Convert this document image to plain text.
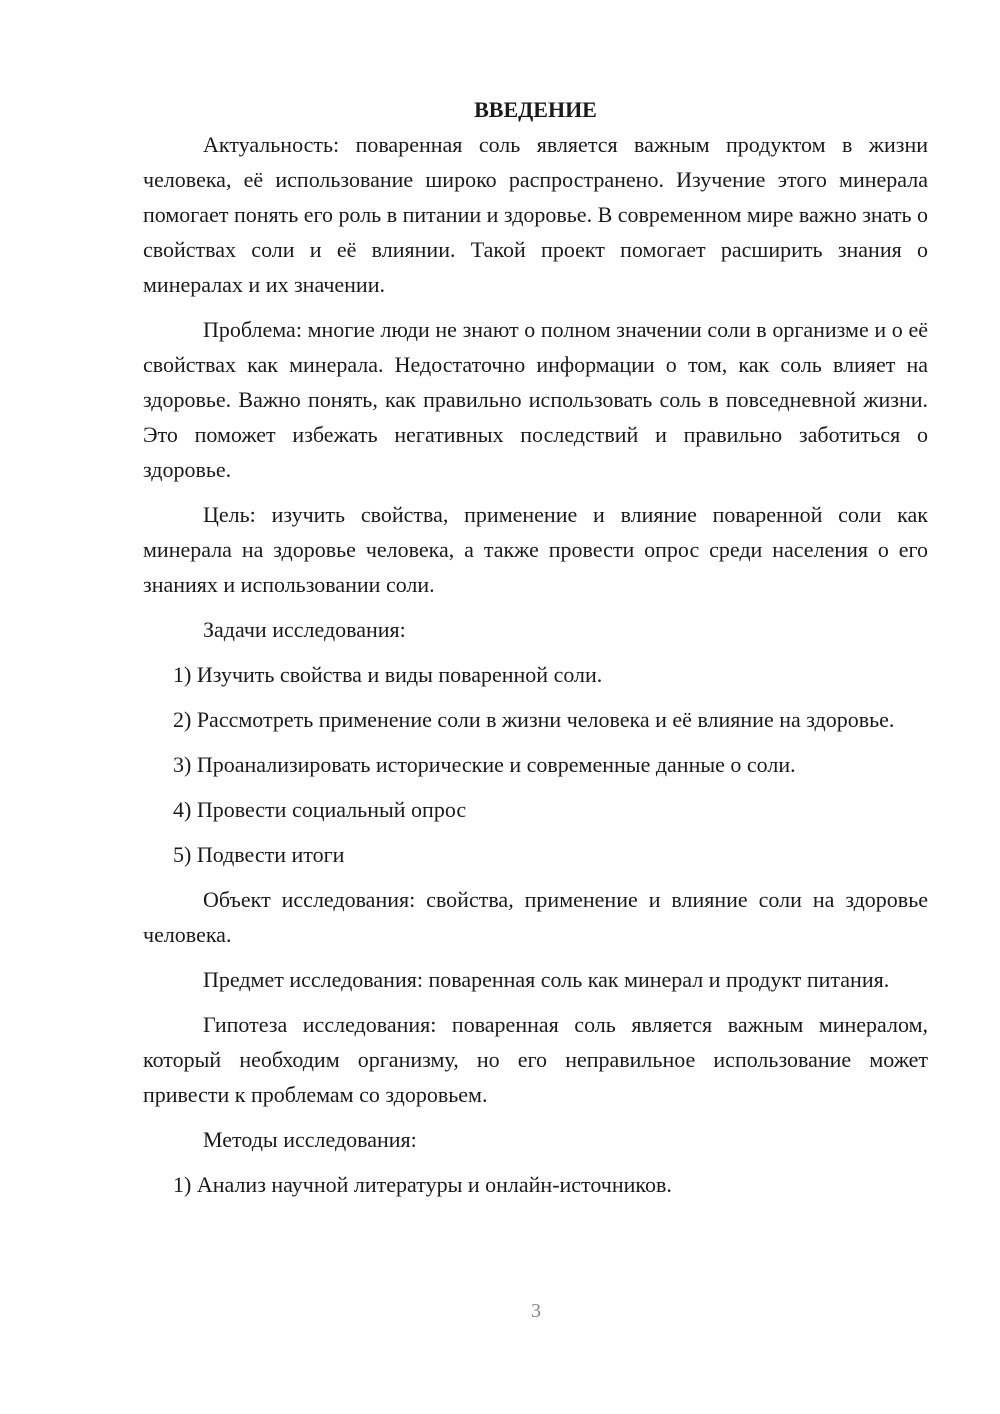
ВВЕДЕНИЕ

Актуальность: поваренная соль является важным продуктом в жизни человека, её использование широко распространено. Изучение этого минерала помогает понять его роль в питании и здоровье. В современном мире важно знать о свойствах соли и её влиянии. Такой проект помогает расширить знания о минералах и их значении.

Проблема: многие люди не знают о полном значении соли в организме и о её свойствах как минерала. Недостаточно информации о том, как соль влияет на здоровье. Важно понять, как правильно использовать соль в повседневной жизни. Это поможет избежать негативных последствий и правильно заботиться о здоровье.

Цель: изучить свойства, применение и влияние поваренной соли как минерала на здоровье человека, а также провести опрос среди населения о его знаниях и использовании соли.

Задачи исследования:

1) Изучить свойства и виды поваренной соли.

2) Рассмотреть применение соли в жизни человека и её влияние на здоровье.

3) Проанализировать исторические и современные данные о соли.

4) Провести социальный опрос

5) Подвести итоги

Объект исследования: свойства, применение и влияние соли на здоровье человека.

Предмет исследования: поваренная соль как минерал и продукт питания.

Гипотеза исследования: поваренная соль является важным минералом, который необходим организму, но его неправильное использование может привести к проблемам со здоровьем.

Методы исследования:

1) Анализ научной литературы и онлайн-источников.

3
